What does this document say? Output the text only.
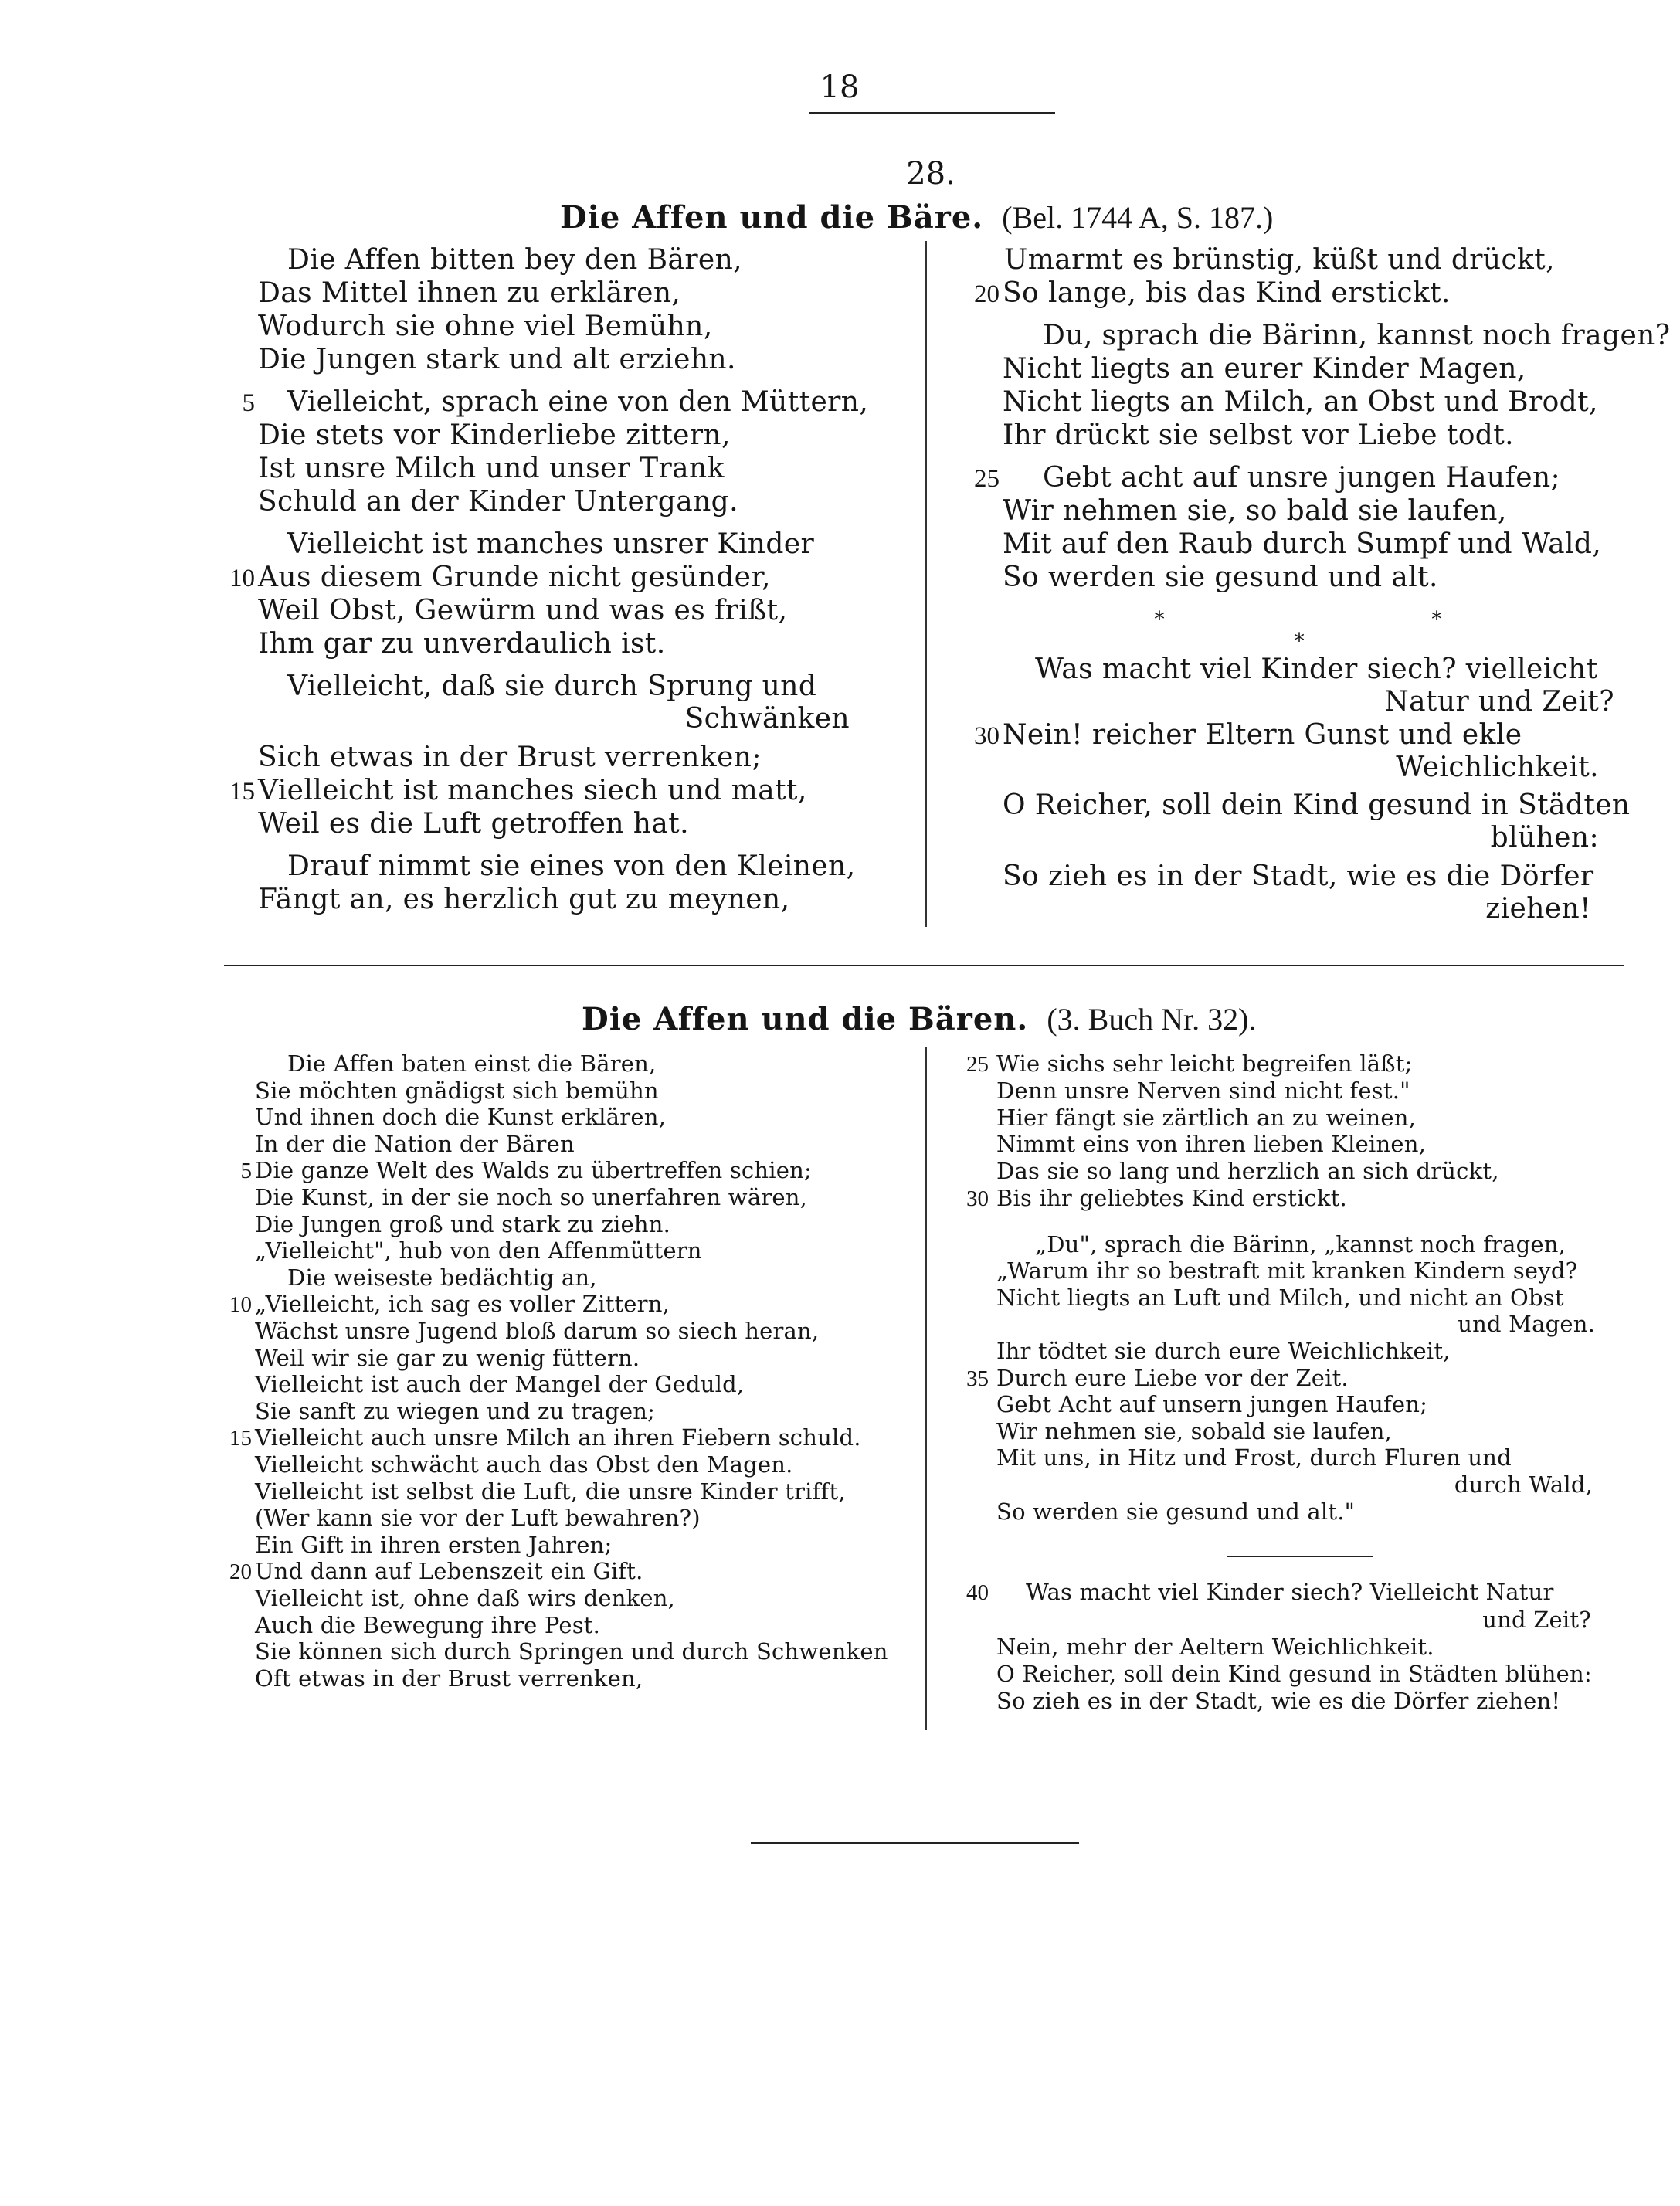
18
28.
Die Affen und die Bäre. (Bel. 1744 A, S. 187.)
Die Affen bitten bey den Bären,
Das Mittel ihnen zu erklären,
Wodurch sie ohne viel Bemühn,
Die Jungen stark und alt erziehn.
Vielleicht, sprach eine von den Müttern,
5
Die stets vor Kinderliebe zittern,
Ist unsre Milch und unser Trank
Schuld an der Kinder Untergang.
Vielleicht ist manches unsrer Kinder
Aus diesem Grunde nicht gesünder,
10
Weil Obst, Gewürm und was es frißt,
Ihm gar zu unverdaulich ist.
Vielleicht, daß sie durch Sprung und
Schwänken
Sich etwas in der Brust verrenken;
Vielleicht ist manches siech und matt,
15
Weil es die Luft getroffen hat.
Drauf nimmt sie eines von den Kleinen,
Fängt an, es herzlich gut zu meynen,
Umarmt es brünstig, küßt und drückt,
So lange, bis das Kind erstickt.
20
Du, sprach die Bärinn, kannst noch fragen?
Nicht liegts an eurer Kinder Magen,
Nicht liegts an Milch, an Obst und Brodt,
Ihr drückt sie selbst vor Liebe todt.
Gebt acht auf unsre jungen Haufen;
25
Wir nehmen sie, so bald sie laufen,
Mit auf den Raub durch Sumpf und Wald,
So werden sie gesund und alt.
Was macht viel Kinder siech? vielleicht
Natur und Zeit?
Nein! reicher Eltern Gunst und ekle
30
Weichlichkeit.
O Reicher, soll dein Kind gesund in Städten
blühen:
So zieh es in der Stadt, wie es die Dörfer
ziehen!
*
*
*
Die Affen und die Bären. (3. Buch Nr. 32).
Die Affen baten einst die Bären,
Sie möchten gnädigst sich bemühn
Und ihnen doch die Kunst erklären,
In der die Nation der Bären
Die ganze Welt des Walds zu übertreffen schien;
5
Die Kunst, in der sie noch so unerfahren wären,
Die Jungen groß und stark zu ziehn.
„Vielleicht", hub von den Affenmüttern
Die weiseste bedächtig an,
„Vielleicht, ich sag es voller Zittern,
10
Wächst unsre Jugend bloß darum so siech heran,
Weil wir sie gar zu wenig füttern.
Vielleicht ist auch der Mangel der Geduld,
Sie sanft zu wiegen und zu tragen;
Vielleicht auch unsre Milch an ihren Fiebern schuld.
15
Vielleicht schwächt auch das Obst den Magen.
Vielleicht ist selbst die Luft, die unsre Kinder trifft,
(Wer kann sie vor der Luft bewahren?)
Ein Gift in ihren ersten Jahren;
Und dann auf Lebenszeit ein Gift.
20
Vielleicht ist, ohne daß wirs denken,
Auch die Bewegung ihre Pest.
Sie können sich durch Springen und durch Schwenken
Oft etwas in der Brust verrenken,
Wie sichs sehr leicht begreifen läßt;
25
Denn unsre Nerven sind nicht fest."
Hier fängt sie zärtlich an zu weinen,
Nimmt eins von ihren lieben Kleinen,
Das sie so lang und herzlich an sich drückt,
Bis ihr geliebtes Kind erstickt.
30
„Du", sprach die Bärinn, „kannst noch fragen,
„Warum ihr so bestraft mit kranken Kindern seyd?
Nicht liegts an Luft und Milch, und nicht an Obst
und Magen.
Ihr tödtet sie durch eure Weichlichkeit,
Durch eure Liebe vor der Zeit.
35
Gebt Acht auf unsern jungen Haufen;
Wir nehmen sie, sobald sie laufen,
Mit uns, in Hitz und Frost, durch Fluren und
durch Wald,
So werden sie gesund und alt."
Was macht viel Kinder siech? Vielleicht Natur
40
und Zeit?
Nein, mehr der Aeltern Weichlichkeit.
O Reicher, soll dein Kind gesund in Städten blühen:
So zieh es in der Stadt, wie es die Dörfer ziehen!
